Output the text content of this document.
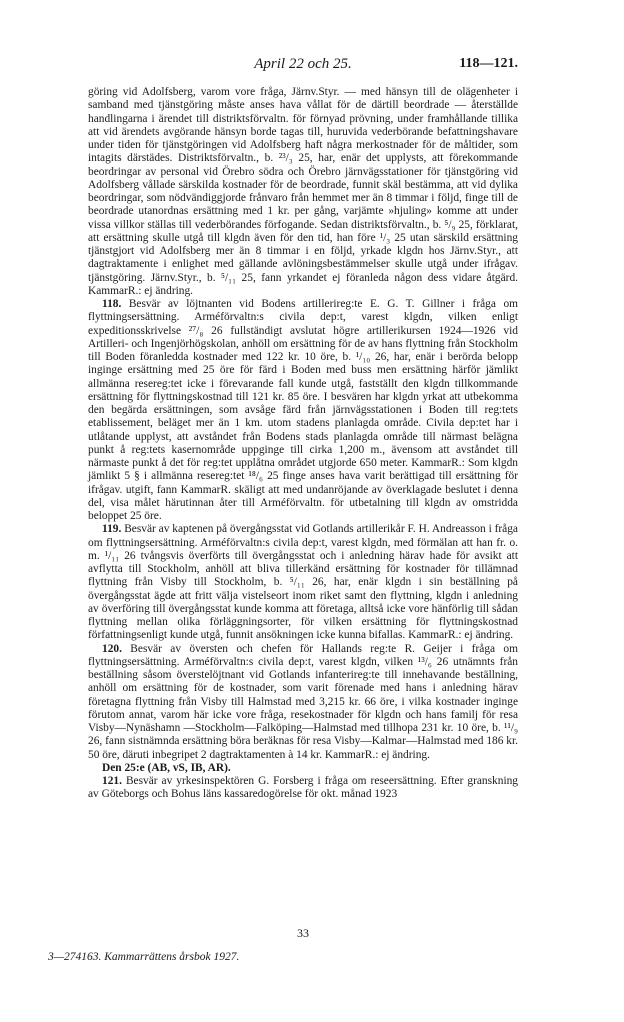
April 22 och 25.	118—121.

göring vid Adolfsberg, varom vore fråga, Järnv.Styr. — med hänsyn till de olägenheter i samband med tjänstgöring måste anses hava vållat för de därtill beordrade — återställde handlingarna i ärendet till distriktsförvaltn. för förnyad prövning, under framhållande tillika att vid ärendets avgörande hänsyn borde tagas till, huruvida vederbörande befattningshavare under tiden för tjänstgöringen vid Adolfsberg haft några merkostnader för de måltider, som intagits därstädes. Distriktsförvaltn., b. ²³/₃ 25, har, enär det upplysts, att förekommande beordringar av personal vid Örebro södra och Örebro järnvägsstationer för tjänstgöring vid Adolfsberg vållade särskilda kostnader för de beordrade, funnit skäl bestämma, att vid dylika beordringar, som nödvändiggjorde frånvaro från hemmet mer än 8 timmar i följd, finge till de beordrade utanordnas ersättning med 1 kr. per gång, varjämte »hjuling» komme att under vissa villkor ställas till vederbörandes förfogande. Sedan distriktsförvaltn., b. ⁵/₉ 25, förklarat, att ersättning skulle utgå till klgdn även för den tid, han före ¹/₃ 25 utan särskild ersättning tjänstgjort vid Adolfsberg mer än 8 timmar i en följd, yrkade klgdn hos Järnv.Styr., att dagtraktamente i enlighet med gällande avlöningsbestämmelser skulle utgå under ifrågav. tjänstgöring. Järnv.Styr., b. ⁵/₁₁ 25, fann yrkandet ej föranleda någon dess vidare åtgärd. KammarR.: ej ändring.

118. Besvär av löjtnanten vid Bodens artillerireg:te E. G. T. Gillner i fråga om flyttningsersättning. Arméförvaltn:s civila dep:t, varest klgdn, vilken enligt expeditionsskrivelse ²⁷/₈ 26 fullständigt avslutat högre artillerikursen 1924—1926 vid Artilleri- och Ingenjörhögskolan, anhöll om ersättning för de av hans flyttning från Stockholm till Boden föranledda kostnader med 122 kr. 10 öre, b. ¹/₁₀ 26, har, enär i berörda belopp inginge ersättning med 25 öre för färd i Boden med buss men ersättning härför jämlikt allmänna resereg:tet icke i förevarande fall kunde utgå, fastställt den klgdn tillkommande ersättning för flyttningskostnad till 121 kr. 85 öre. I besvären har klgdn yrkat att utbekomma den begärda ersättningen, som avsåge färd från järnvägsstationen i Boden till reg:tets etablissement, beläget mer än 1 km. utom stadens planlagda område. Civila dep:tet har i utlåtande upplyst, att avståndet från Bodens stads planlagda område till närmast belägna punkt å reg:tets kasernområde uppginge till cirka 1,200 m., ävensom att avståndet till närmaste punkt å det för reg:tet upplåtna området utgjorde 650 meter. KammarR.: Som klgdn jämlikt 5 § i allmänna resereg:tet ¹⁸/₆ 25 finge anses hava varit berättigad till ersättning för ifrågav. utgift, fann KammarR. skäligt att med undanröjande av överklagade beslutet i denna del, visa målet härutinnan åter till Arméförvaltn. för utbetalning till klgdn av omstridda beloppet 25 öre.

119. Besvär av kaptenen på övergångsstat vid Gotlands artillerikår F. H. Andreasson i fråga om flyttningsersättning. Arméförvaltn:s civila dep:t, varest klgdn, med förmälan att han fr. o. m. ¹/₁₁ 26 tvångsvis överförts till övergångsstat och i anledning härav hade för avsikt att avflytta till Stockholm, anhöll att bliva tillerkänd ersättning för kostnader för tillämnad flyttning från Visby till Stockholm, b. ⁵/₁₁ 26, har, enär klgdn i sin beställning på övergångsstat ägde att fritt välja vistelseort inom riket samt den flyttning, klgdn i anledning av överföring till övergångsstat kunde komma att företaga, alltså icke vore hänförlig till sådan flyttning mellan olika förläggningsorter, för vilken ersättning för flyttningskostnad författningsenligt kunde utgå, funnit ansökningen icke kunna bifallas. KammarR.: ej ändring.

120. Besvär av översten och chefen för Hallands reg:te R. Geijer i fråga om flyttningsersättning. Arméförvaltn:s civila dep:t, varest klgdn, vilken ¹³/₆ 26 utnämnts från beställning såsom överstelöjtnant vid Gotlands infanterireg:te till innehavande beställning, anhöll om ersättning för de kostnader, som varit förenade med hans i anledning härav företagna flyttning från Visby till Halmstad med 3,215 kr. 66 öre, i vilka kostnader inginge förutom annat, varom här icke vore fråga, resekostnader för klgdn och hans familj för resa Visby—Nynäshamn —Stockholm—Falköping—Halmstad med tillhopa 231 kr. 10 öre, b. ¹¹/₉ 26, fann sistnämnda ersättning böra beräknas för resa Visby—Kalmar—Halmstad med 186 kr. 50 öre, däruti inbegripet 2 dagtraktamenten à 14 kr. KammarR.: ej ändring.

Den 25:e (AB, vS, IB, AR).

121. Besvär av yrkesinspektören G. Forsberg i fråga om reseersättning. Efter granskning av Göteborgs och Bohus läns kassaredogörelse för okt. månad 1923

33
3—274163. Kammarrättens årsbok 1927.
